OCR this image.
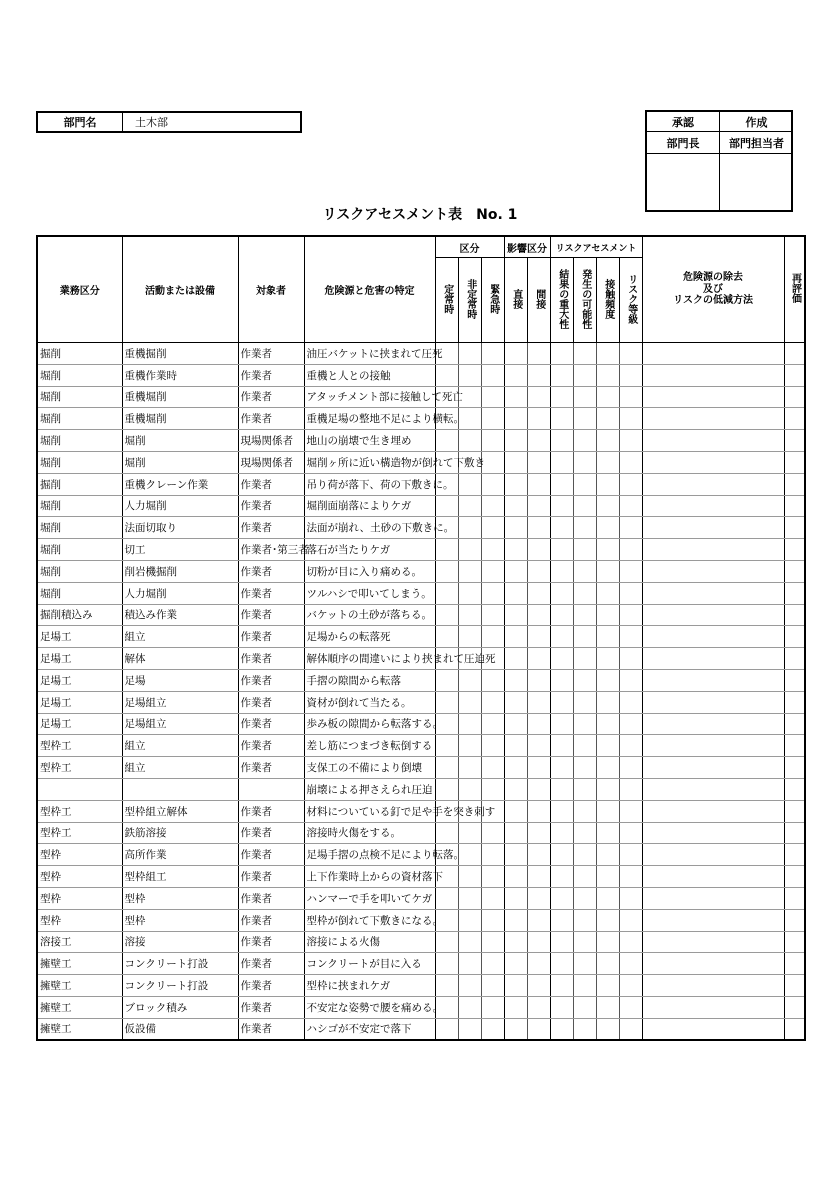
部門名	土木部	承認	作成
部門長	部門担当者
リスクアセスメント表　No. 1
業務区分	活動または設備	対象者	危険源と危害の特定	区分			影響区分		リスクアセスメント				危険源の除去
及び
リスクの低減方法	再評価
				定常時	非定常時	緊急時	直接	間接	結果の重大性	発生の可能性	接触頻度	リスク等級		
掘削	重機掘削	作業者	油圧バケットに挟まれて圧死											
堀削	重機作業時	作業者	重機と人との接触											
堀削	重機堀削	作業者	アタッチメント部に接触して死亡											
堀削	重機堀削	作業者	重機足場の整地不足により横転。											
堀削	堀削	現場関係者	地山の崩壊で生き埋め											
堀削	堀削	現場関係者	堀削ヶ所に近い構造物が倒れて下敷き											
掘削	重機クレーン作業	作業者	吊り荷が落下、荷の下敷きに。											
堀削	人力堀削	作業者	堀削面崩落によりケガ											
堀削	法面切取り	作業者	法面が崩れ、土砂の下敷きに。											
堀削	切工	作業者･第三者	落石が当たりケガ											
堀削	削岩機掘削	作業者	切粉が目に入り痛める。											
堀削	人力堀削	作業者	ツルハシで叩いてしまう。											
掘削積込み	積込み作業	作業者	バケットの土砂が落ちる。											
足場工	組立	作業者	足場からの転落死											
足場工	解体	作業者	解体順序の間違いにより挟まれて圧迫死											
足場工	足場	作業者	手摺の隙間から転落											
足場工	足場組立	作業者	資材が倒れて当たる。											
足場工	足場組立	作業者	歩み板の隙間から転落する。											
型枠工	組立	作業者	差し筋につまづき転倒する											
型枠工	組立	作業者	支保工の不備により倒壊											
			崩壊による押さえられ圧迫											
型枠工	型枠組立解体	作業者	材料についている釘で足や手を突き刺す											
型枠工	鉄筋溶接	作業者	溶接時火傷をする。											
型枠	高所作業	作業者	足場手摺の点検不足により転落。											
型枠	型枠組工	作業者	上下作業時上からの資材落下											
型枠	型枠	作業者	ハンマーで手を叩いてケガ											
型枠	型枠	作業者	型枠が倒れて下敷きになる。											
溶接工	溶接	作業者	溶接による火傷											
擁壁工	コンクリート打設	作業者	コンクリートが目に入る											
擁壁工	コンクリート打設	作業者	型枠に挟まれケガ											
擁壁工	ブロック積み	作業者	不安定な姿勢で腰を痛める。											
擁壁工	仮設備	作業者	ハシゴが不安定で落下											
